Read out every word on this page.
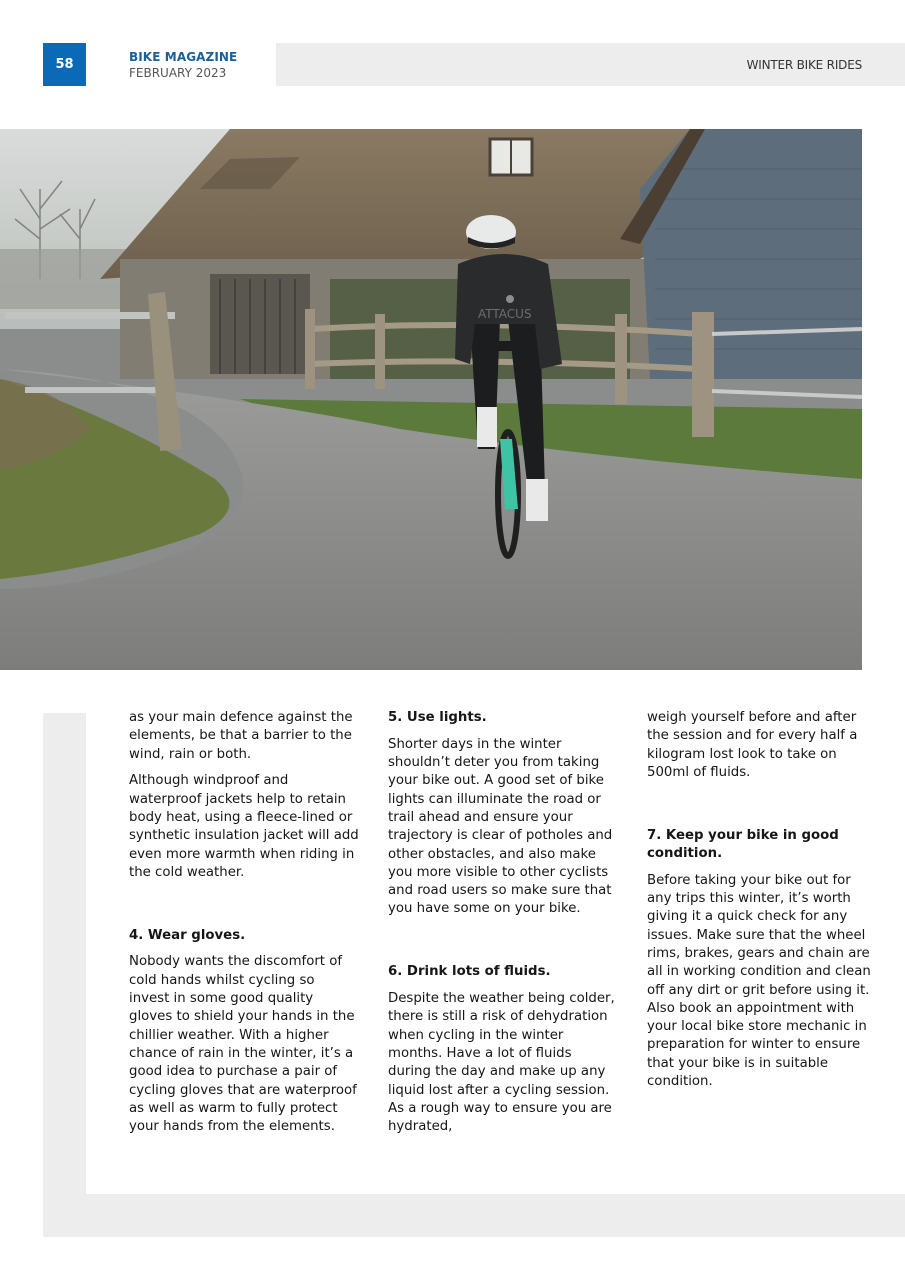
58	BIKE MAGAZINE
FEBRUARY 2023
WINTER BIKE RIDES
ATTACUS

as your main defence against the elements, be that a barrier to the wind, rain or both.

Although windproof and waterproof jackets help to retain body heat, using a fleece-lined or synthetic insulation jacket will add even more warmth when riding in the cold weather.

4. Wear gloves.

Nobody wants the discomfort of cold hands whilst cycling so invest in some good quality gloves to shield your hands in the chillier weather. With a higher chance of rain in the winter, it’s a good idea to purchase a pair of cycling gloves that are waterproof as well as warm to fully protect your hands from the elements.

5. Use lights.

Shorter days in the winter shouldn’t deter you from taking your bike out. A good set of bike lights can illuminate the road or trail ahead and ensure your trajectory is clear of potholes and other obstacles, and also make you more visible to other cyclists and road users so make sure that you have some on your bike.

6. Drink lots of fluids.

Despite the weather being colder, there is still a risk of dehydration when cycling in the winter months. Have a lot of fluids during the day and make up any liquid lost after a cycling session. As a rough way to ensure you are hydrated,

weigh yourself before and after the session and for every half a kilogram lost look to take on 500ml of fluids.

7. Keep your bike in good condition.

Before taking your bike out for any trips this winter, it’s worth giving it a quick check for any issues. Make sure that the wheel rims, brakes, gears and chain are all in working condition and clean off any dirt or grit before using it. Also book an appointment with your local bike store mechanic in preparation for winter to ensure that your bike is in suitable condition.
